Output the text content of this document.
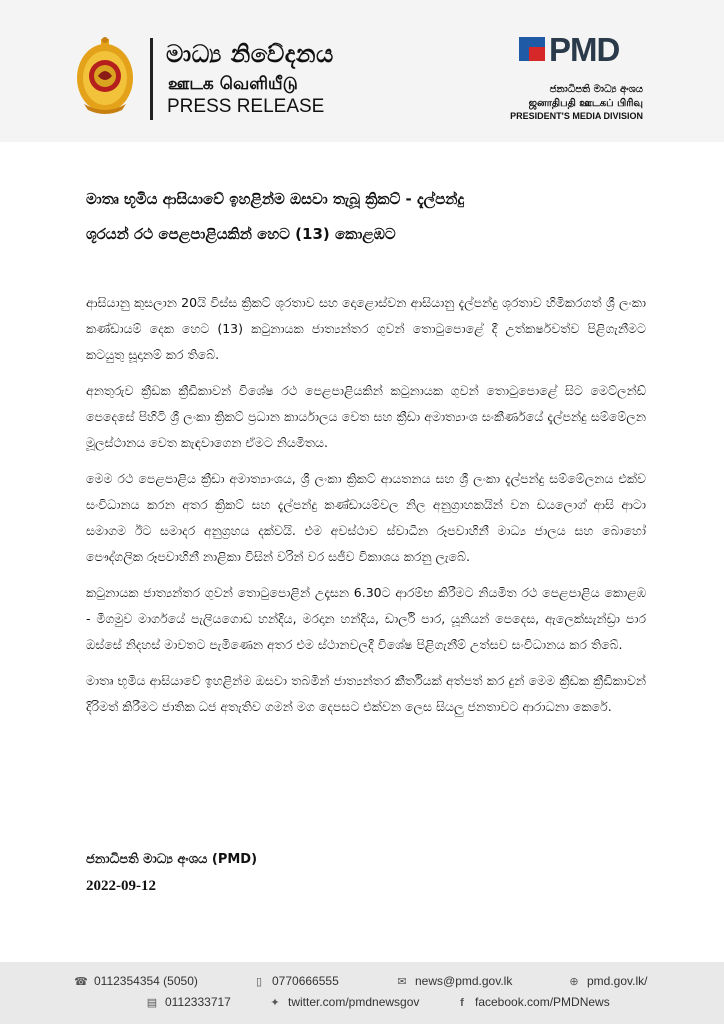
මාධ්‍ය නිවේදනය
ஊடக வெளியீடு
PRESS RELEASE
PMD
ජනාධිපති මාධ්‍ය අංශය
ஜனாதிபதி ஊடகப் பிரிவு
PRESIDENT'S MEDIA DIVISION
මාතෘ භූමිය ආසියාවේ ඉහළින්ම ඔසවා තැබූ ක්‍රිකට් - දැල්පන්දු
ශූරයන් රථ පෙළපාළියකින් හෙට (13) කොළඹට

ආසියානු කුසලාන 20යි විස්ස ක්‍රිකට් ශූරතාව සහ දොළොස්වන ආසියානු දැල්පන්දු ශූරතාව හිමිකරගත් ශ්‍රී ලංකා කණ්ඩායම් දෙක හෙට (13) කටුනායක ජාත්‍යන්තර ගුවන් තොටුපොළේ දී උත්කර්ෂවත්ව පිළිගැනීමට කටයුතු සූදානම් කර තිබේ.

අනතුරුව ක්‍රීඩක ක්‍රීඩිකාවන් විශේෂ රථ පෙළපාළියකින් කටුනායක ගුවන් තොටුපොළේ සිට මෙට්ලන්ඩ් පෙදෙසේ පිහිටි ශ්‍රී ලංකා ක්‍රිකට් ප්‍රධාන කාර්යාලය වෙත සහ ක්‍රීඩා අමාත්‍යාංශ සංකීර්ණයේ දැල්පන්දු සම්මේලන මූලස්ථානය වෙත කැඳවාගෙන ඒමට නියමිතය.

මෙම රථ පෙළපාළිය ක්‍රීඩා අමාත්‍යාංශය, ශ්‍රී ලංකා ක්‍රිකට් ආයතනය සහ ශ්‍රී ලංකා දැල්පන්දු සම්මේලනය එක්ව සංවිධානය කරන අතර ක්‍රිකට් සහ දැල්පන්දු කණ්ඩායම්වල නිල අනුග්‍රාහකයින් වන ඩයලොග් ආසි ආටා සමාගම ඊට සමාදර අනුග්‍රහය දක්වයි. එම අවස්ථාව ස්වාධීන රූපවාහිනී මාධ්‍ය ජාලය සහ බොහෝ පෞද්ගලික රූපවාහිනී නාළිකා විසින් වරින් වර සජීව විකාශය කරනු ලැබේ.

කටුනායක ජාත්‍යන්තර ගුවන් තොටුපොළින් උදෑසන 6.30ට ආරම්භ කිරීමට නියමිත රථ පෙළපාළිය කොළඹ - මීගමුව මාර්ගයේ පැලියගොඩ හන්දිය, මරදාන හන්දිය, ඩාර්ලි පාර, යූනියන් පෙදෙස, ඇලෙක්සැන්ඩ්‍රා පාර ඔස්සේ නිදහස් මාවතට පැමිණෙන අතර එම ස්ථානවලදී විශේෂ පිළිගැනීම් උත්සව සංවිධානය කර තිබේ.

මාතෘ භූමිය ආසියාවේ ඉහළින්ම ඔසවා තබමින් ජාත්‍යන්තර කීර්තියක් අත්පත් කර දුන් මෙම ක්‍රීඩක ක්‍රීඩිකාවන් දිරිමත් කිරීමට ජාතික ධජ අතැතිව ගමන් මග දෙපසට එක්වන ලෙස සියලු ජනතාවට ආරාධනා කෙරේ.

ජනාධිපති මාධ්‍ය අංශය (PMD)
2022-09-12
☎ 0112354354 (5050)	▯ 0770666555	✉ news@pmd.gov.lk	⊕ pmd.gov.lk/
▤ 0112333717	✦ twitter.com/pmdnewsgov	f facebook.com/PMDNews
